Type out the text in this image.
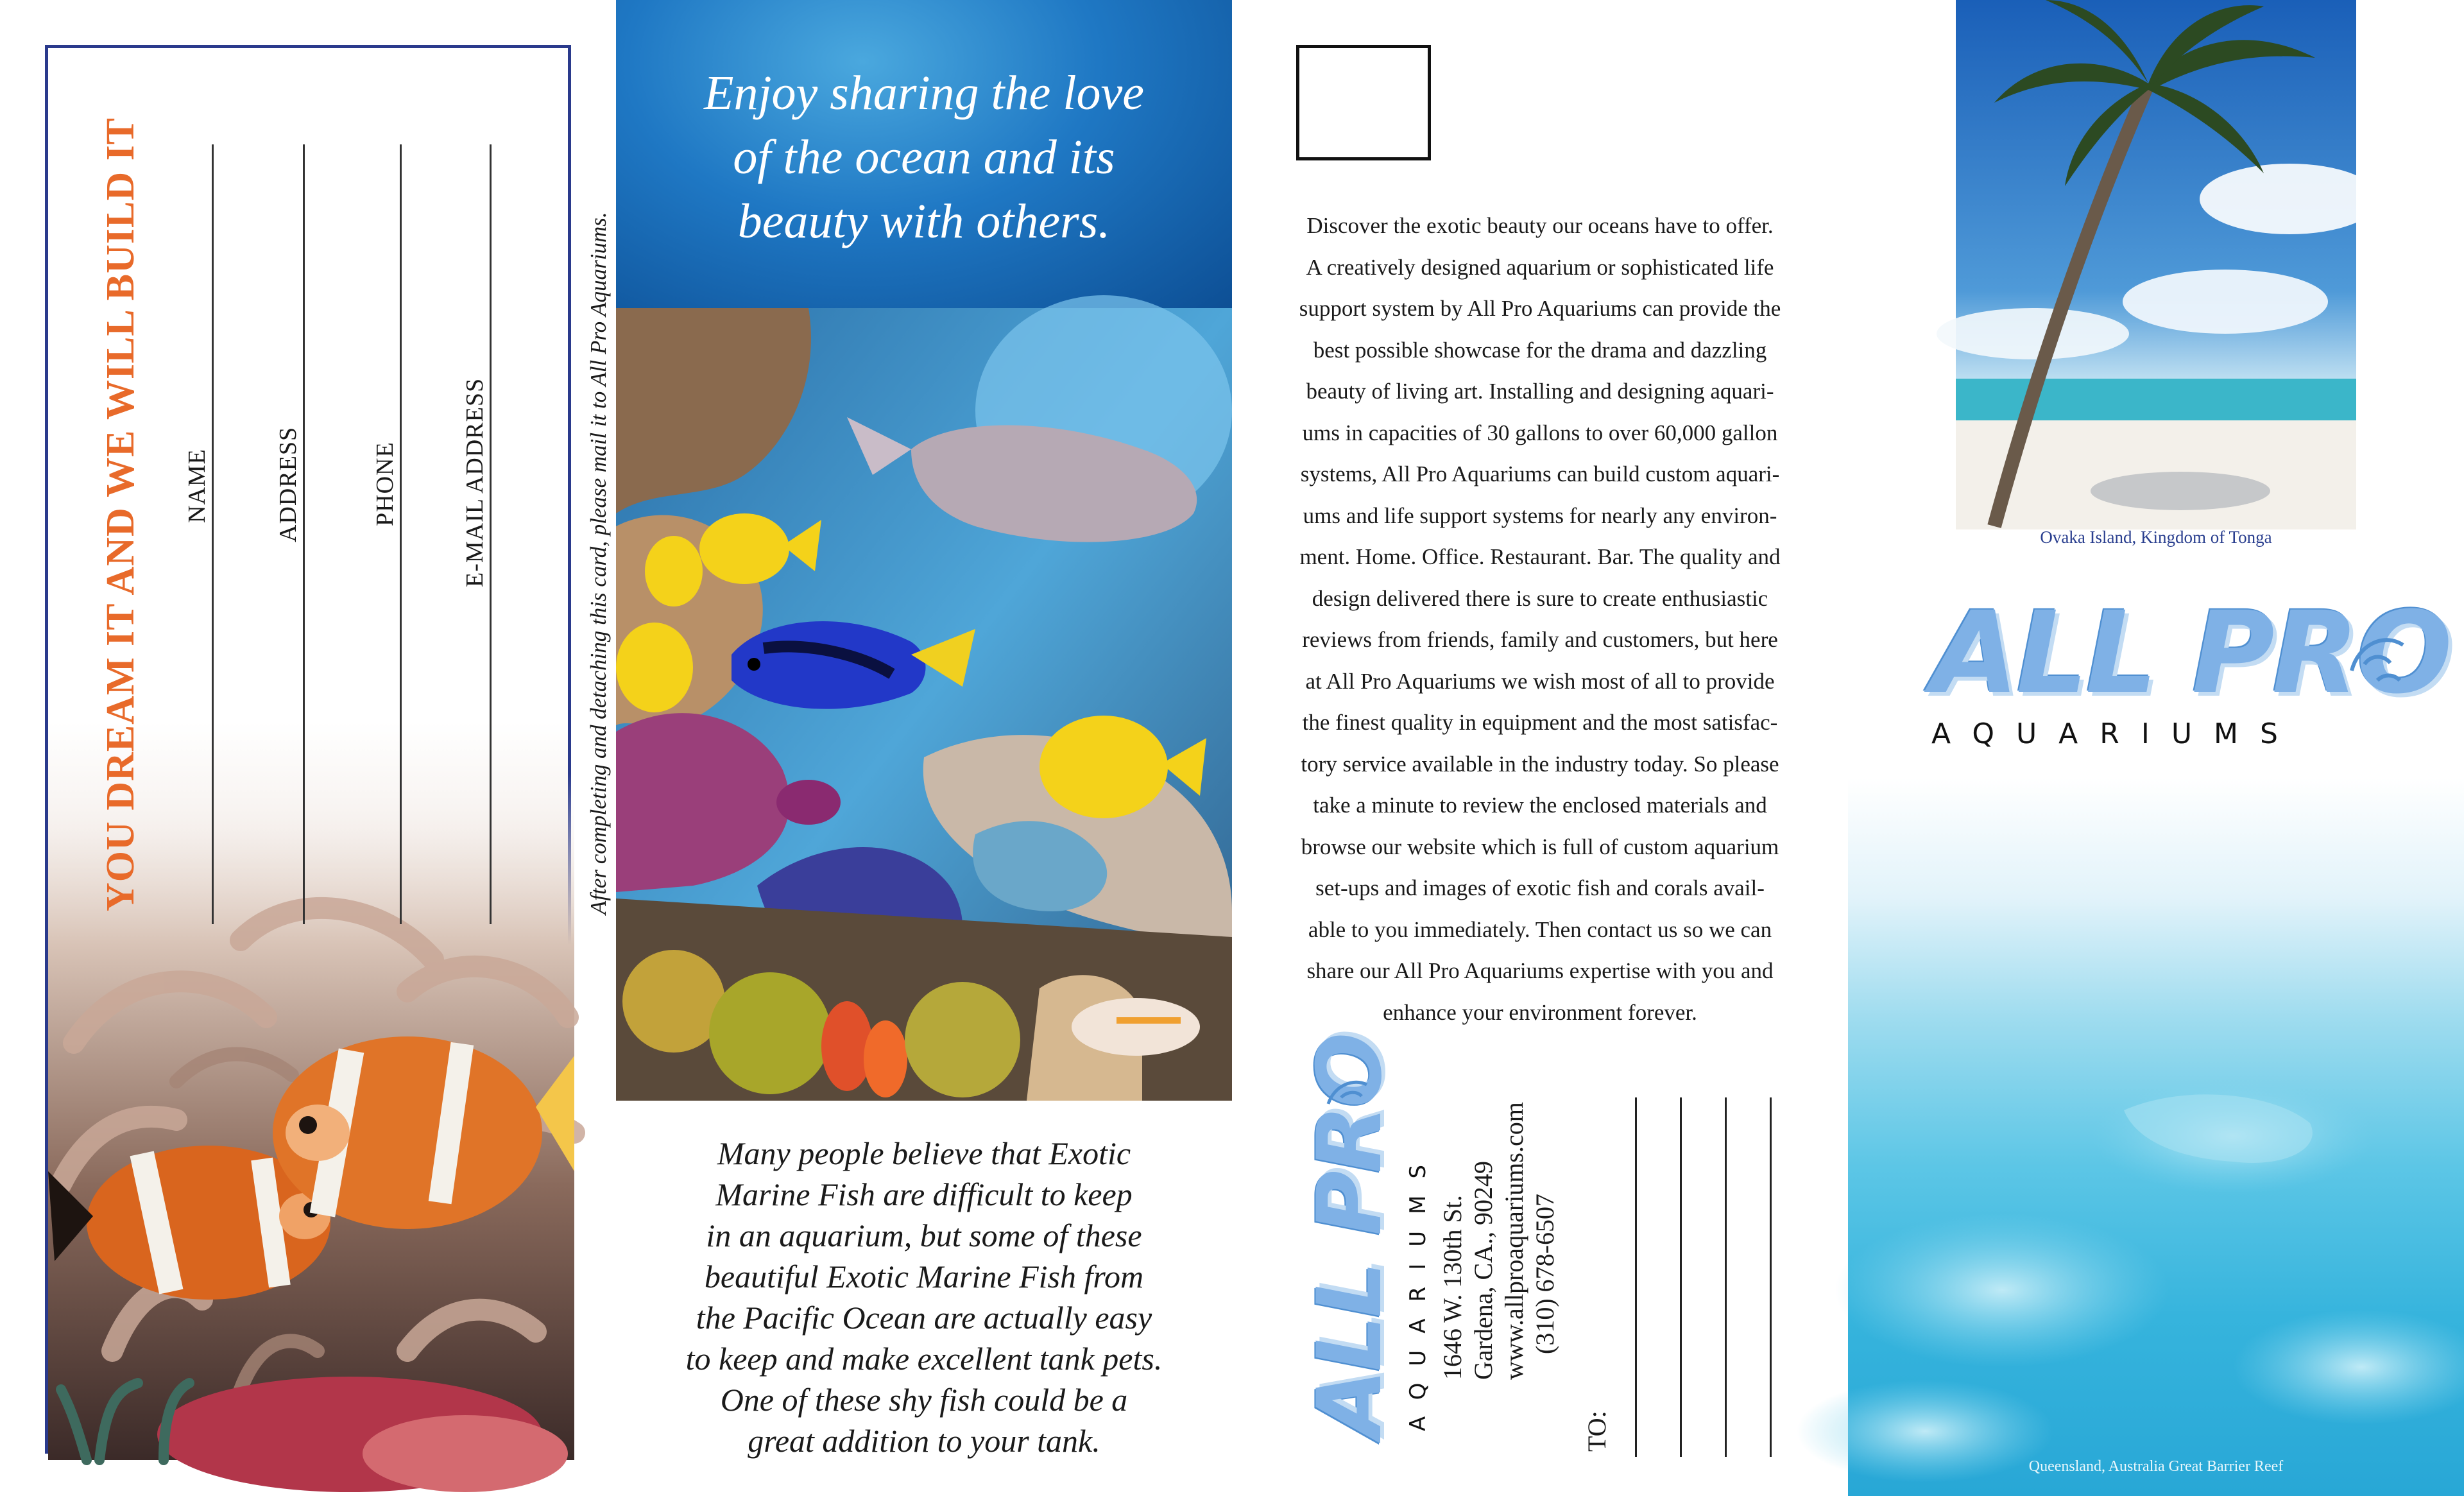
YOU DREAM IT AND WE WILL BUILD IT NAME	ADDRESS	PHONE	E-MAIL ADDRESS	After completing and detaching this card, please mail it to All Pro Aquariums.
Enjoy sharing the love
of the ocean and its
beauty with others.
Many people believe that Exotic
Marine Fish are difficult to keep
in an aquarium, but some of these
beautiful Exotic Marine Fish from
the Pacific Ocean are actually easy
to keep and make excellent tank pets.
One of these shy fish could be a
great addition to your tank.
Discover the exotic beauty our oceans have to offer.
A creatively designed aquarium or sophisticated life
support system by All Pro Aquariums can provide the
best possible showcase for the drama and dazzling
beauty of living art. Installing and designing aquari-
ums in capacities of 30 gallons to over 60,000 gallon
systems, All Pro Aquariums can build custom aquari-
ums and life support systems for nearly any environ-
ment. Home. Office. Restaurant. Bar. The quality and
design delivered there is sure to create enthusiastic
reviews from friends, family and customers, but here
at All Pro Aquariums we wish most of all to provide
the finest quality in equipment and the most satisfac-
tory service available in the industry today. So please
take a minute to review the enclosed materials and
browse our website which is full of custom aquarium
set-ups and images of exotic fish and corals avail-
able to you immediately. Then contact us so we can
share our All Pro Aquariums expertise with you and
enhance your environment forever.
ALL PRO AQUARIUMS 1646 W. 130th St. Gardena, CA., 90249 www.allproaquariums.com (310) 678-6507
TO:
Ovaka Island, Kingdom of Tonga
ALL PRO
AQUARIUMS
Queensland, Australia Great Barrier Reef
